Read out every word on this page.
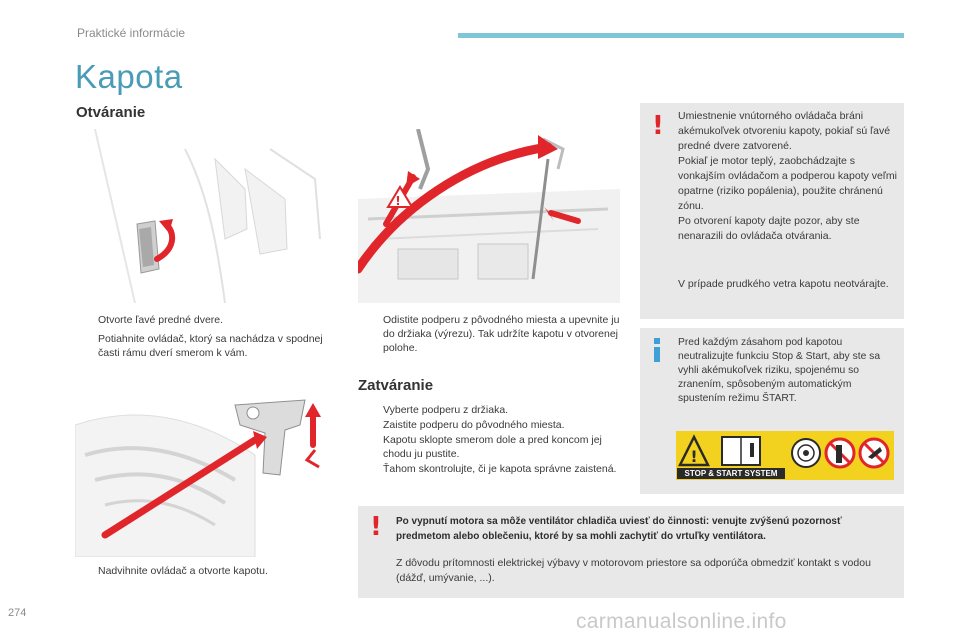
Praktické informácie
Kapota
Otváranie
!
Otvorte ľavé predné dvere.
Potiahnite ovládač, ktorý sa nachádza v spodnej časti rámu dverí smerom k vám.
Odistite podperu z pôvodného miesta a upevnite ju do držiaka (výrezu). Tak udržíte kapotu v otvorenej polohe.
Zatváranie
Vyberte podperu z držiaka.
Zaistite podperu do pôvodného miesta.
Kapotu sklopte smerom dole a pred koncom jej chodu ju pustite.
Ťahom skontrolujte, či je kapota správne zaistená.
Nadvihnite ovládač a otvorte kapotu.
! Umiestnenie vnútorného ovládača bráni akémukoľvek otvoreniu kapoty, pokiaľ sú ľavé predné dvere zatvorené.
Pokiaľ je motor teplý, zaobchádzajte s vonkajším ovládačom a podperou kapoty veľmi opatrne (riziko popálenia), použite chránenú zónu.
Po otvorení kapoty dajte pozor, aby ste nenarazili do ovládača otvárania.
V prípade prudkého vetra kapotu neotvárajte.
Pred každým zásahom pod kapotou neutralizujte funkciu Stop & Start, aby ste sa vyhli akémukoľvek riziku, spojenému so zranením, spôsobeným automatickým spustením režimu ŠTART.
!
STOP & START SYSTEM
! Po vypnutí motora sa môže ventilátor chladiča uviesť do činnosti: venujte zvýšenú pozornosť predmetom alebo oblečeniu, ktoré by sa mohli zachytiť do vrtuľky ventilátora.
Z dôvodu prítomnosti elektrickej výbavy v motorovom priestore sa odporúča obmedziť kontakt s vodou (dážď, umývanie, ...).
274	carmanualsonline.info
